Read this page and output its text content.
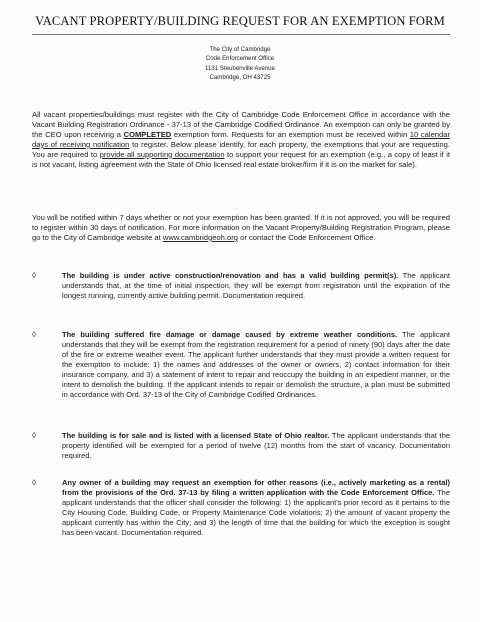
VACANT PROPERTY/BUILDING REQUEST FOR AN EXEMPTION FORM
The City of Cambridge
Code Enforcement Office
1131 Steubenville Avenue
Cambridge, OH 43725
All vacant properties/buildings must register with the City of Cambridge Code Enforcement Office in accordance with the Vacant Building Registration Ordinance - 37-13 of the Cambridge Codified Ordinance. An exemption can only be granted by the CEO upon receiving a COMPLETED exemption form. Requests for an exemption must be received within 10 calendar days of receiving notification to register. Below please identify, for each property, the exemptions that your are requesting. You are required to provide all supporting documentation to support your request for an exemption (e.g., a copy of least if it is not vacant, listing agreement with the State of Ohio licensed real estate broker/firm if it is on the market for sale).
You will be notified within 7 days whether or not your exemption has been granted. If it is not approved, you will be required to register within 30 days of notification. For more information on the Vacant Property/Building Registration Program, please go to the City of Cambridge website at www.cambridgeoh.org or contact the Code Enforcement Office.
◊	The building is under active construction/renovation and has a valid building permit(s). The applicant understands that, at the time of initial inspection, they will be exempt from registration until the expiration of the longest running, currently active building permit. Documentation required.
◊	The building suffered fire damage or damage caused by extreme weather conditions. The applicant understands that they will be exempt from the registration requirement for a period of ninety (90) days after the date of the fire or extreme weather event. The applicant further understands that they must provide a written request for the exemption to include: 1) the names and addresses of the owner or owners, 2) contact information for their insurance company, and 3) a statement of intent to repair and reoccupy the building in an expedient manner, or the intent to demolish the building. If the applicant intends to repair or demolish the structure, a plan must be submitted in accordance with Ord. 37-13 of the City of Cambridge Codified Ordinances.
◊	The building is for sale and is listed with a licensed State of Ohio realtor. The applicant understands that the property identified will be exempted for a period of twelve (12) months from the start of vacancy. Documentation required.
◊	Any owner of a building may request an exemption for other reasons (i.e., actively marketing as a rental) from the provisions of the Ord. 37-13 by filing a written application with the Code Enforcement Office. The applicant understands that the officer shall consider the following: 1) the applicant's prior record as it pertains to the City Housing Code, Building Code, or Property Maintenance Code violations; 2) the amount of vacant property the applicant currently has within the City; and 3) the length of time that the building for which the exception is sought has been vacant. Documentation required.
